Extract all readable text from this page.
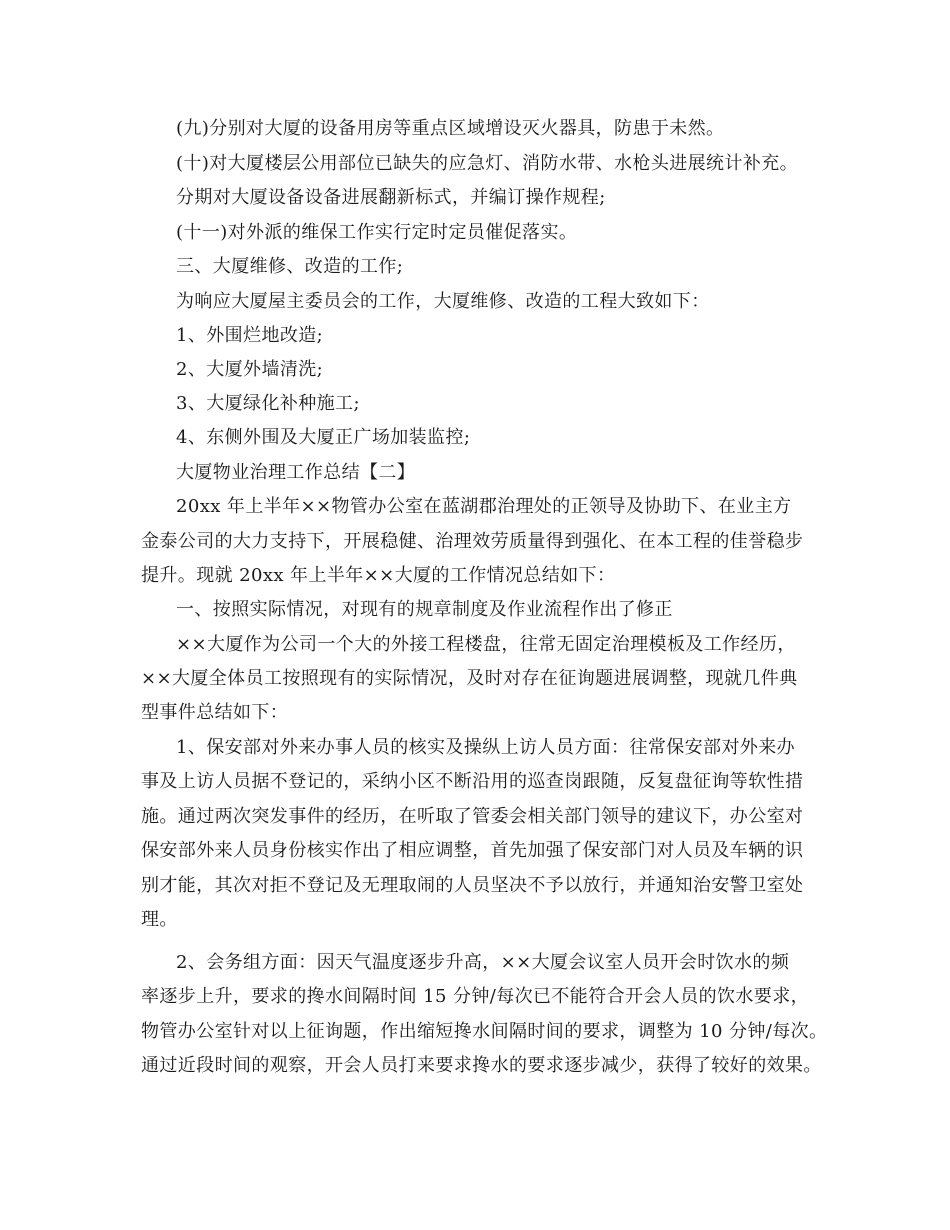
(九)分别对大厦的设备用房等重点区域增设灭火器具，防患于未然。
(十)对大厦楼层公用部位已缺失的应急灯、消防水带、水枪头进展统计补充。
分期对大厦设备设备进展翻新标式，并编订操作规程;
(十一)对外派的维保工作实行定时定员催促落实。
三、大厦维修、改造的工作;
为响应大厦屋主委员会的工作，大厦维修、改造的工程大致如下：
1、外围烂地改造;
2、大厦外墙清洗;
3、大厦绿化补种施工;
4、东侧外围及大厦正广场加装监控;
大厦物业治理工作总结【二】
20xx 年上半年××物管办公室在蓝湖郡治理处的正领导及协助下、在业主方
金泰公司的大力支持下，开展稳健、治理效劳质量得到强化、在本工程的佳誉稳步
提升。现就 20xx 年上半年××大厦的工作情况总结如下：
一、按照实际情况，对现有的规章制度及作业流程作出了修正
××大厦作为公司一个大的外接工程楼盘，往常无固定治理模板及工作经历，
××大厦全体员工按照现有的实际情况，及时对存在征询题进展调整，现就几件典
型事件总结如下：
1、保安部对外来办事人员的核实及操纵上访人员方面：往常保安部对外来办
事及上访人员据不登记的，采纳小区不断沿用的巡查岗跟随，反复盘征询等软性措
施。通过两次突发事件的经历，在听取了管委会相关部门领导的建议下，办公室对
保安部外来人员身份核实作出了相应调整，首先加强了保安部门对人员及车辆的识
别才能，其次对拒不登记及无理取闹的人员坚决不予以放行，并通知治安警卫室处
理。
2、会务组方面：因天气温度逐步升高，××大厦会议室人员开会时饮水的频
率逐步上升，要求的搀水间隔时间 15 分钟/每次已不能符合开会人员的饮水要求，
物管办公室针对以上征询题，作出缩短搀水间隔时间的要求，调整为 10 分钟/每次。
通过近段时间的观察，开会人员打来要求搀水的要求逐步减少，获得了较好的效果。
